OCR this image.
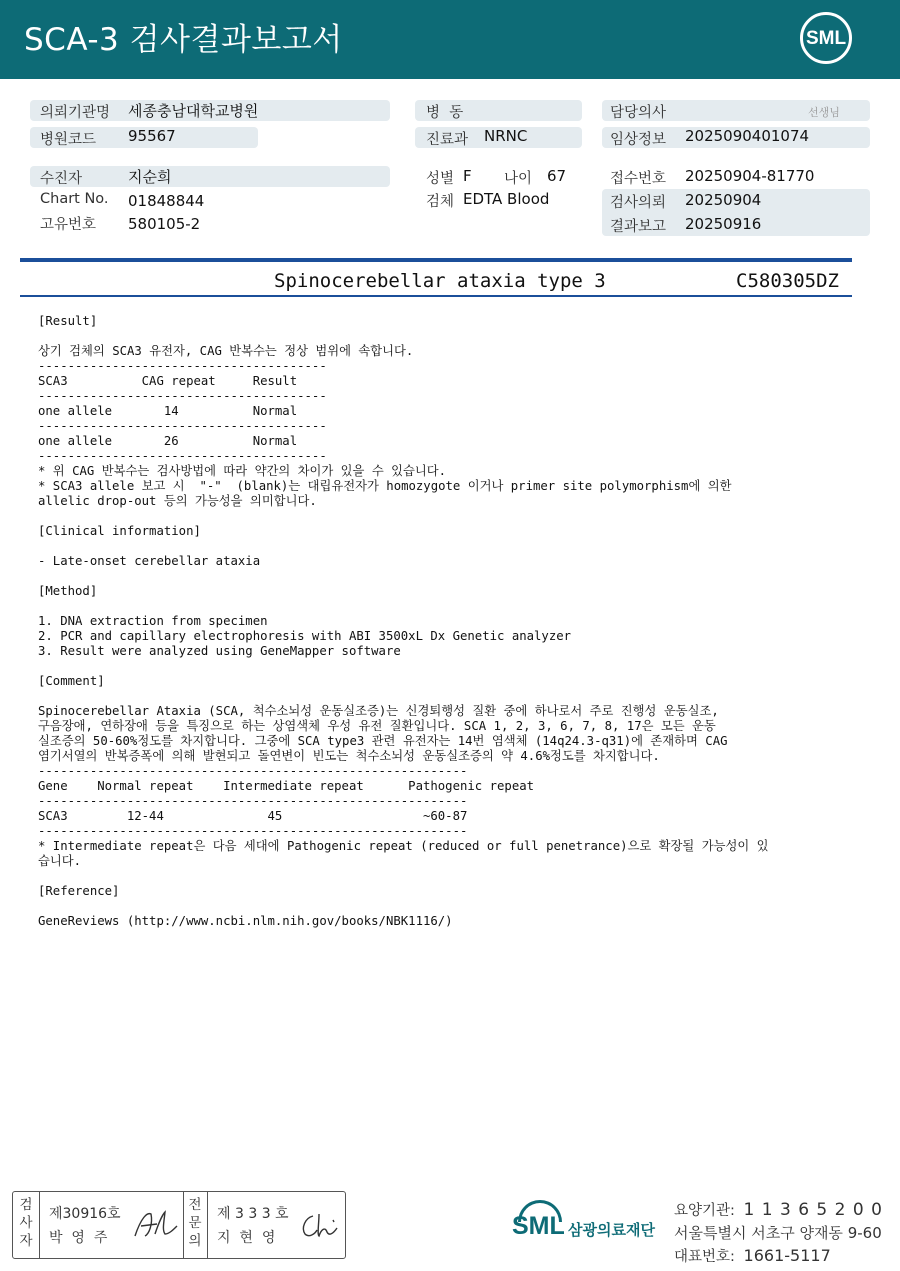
SCA-3 검사결과보고서	SML
의뢰기관명 세종충남대학교병원
병원코드 95567
병  동
진료과 NRNC
담당의사	선생님
임상정보 2025090401074
수진자	지순희
Chart No. 01848844
고유번호 580105-2
성별 F 나이 67
검체 EDTA Blood
접수번호 20250904-81770
검사의뢰 20250904
결과보고 20250916
Spinocerebellar ataxia type 3	C580305DZ
[Result]
상기 검체의 SCA3 유전자, CAG 반복수는 정상 범위에 속합니다.
---------------------------------------
SCA3          CAG repeat     Result
---------------------------------------
one allele       14          Normal
---------------------------------------
one allele       26          Normal
---------------------------------------
* 위 CAG 반복수는 검사방법에 따라 약간의 차이가 있을 수 있습니다.
* SCA3 allele 보고 시  "-"  (blank)는 대립유전자가 homozygote 이거나 primer site polymorphism에 의한
allelic drop-out 등의 가능성을 의미합니다.
[Clinical information]
- Late-onset cerebellar ataxia
[Method]
1. DNA extraction from specimen
2. PCR and capillary electrophoresis with ABI 3500xL Dx Genetic analyzer
3. Result were analyzed using GeneMapper software
[Comment]
Spinocerebellar Ataxia (SCA, 척수소뇌성 운동실조증)는 신경퇴행성 질환 중에 하나로서 주로 진행성 운동실조,
구음장애, 연하장애 등을 특징으로 하는 상염색체 우성 유전 질환입니다. SCA 1, 2, 3, 6, 7, 8, 17은 모든 운동
실조증의 50-60%정도를 차지합니다. 그중에 SCA type3 관련 유전자는 14번 염색체 (14q24.3-q31)에 존재하며 CAG
염기서열의 반복증폭에 의해 발현되고 돌연변이 빈도는 척수소뇌성 운동실조증의 약 4.6%정도를 차지합니다.
----------------------------------------------------------
Gene    Normal repeat    Intermediate repeat      Pathogenic repeat
----------------------------------------------------------
SCA3        12-44              45                   ~60-87
----------------------------------------------------------
* Intermediate repeat은 다음 세대에 Pathogenic repeat (reduced or full penetrance)으로 확장될 가능성이 있
습니다.
[Reference]
GeneReviews (http://www.ncbi.nlm.nih.gov/books/NBK1116/)
검
사
자
제30916호
박  영  주
전
문
의
제 3 3 3 호
지  현  영	SML 삼광의료재단
요양기관: 1 1 3 6 5 2 0 0
서울특별시 서초구 양재동 9-60
대표번호: 1661-5117
